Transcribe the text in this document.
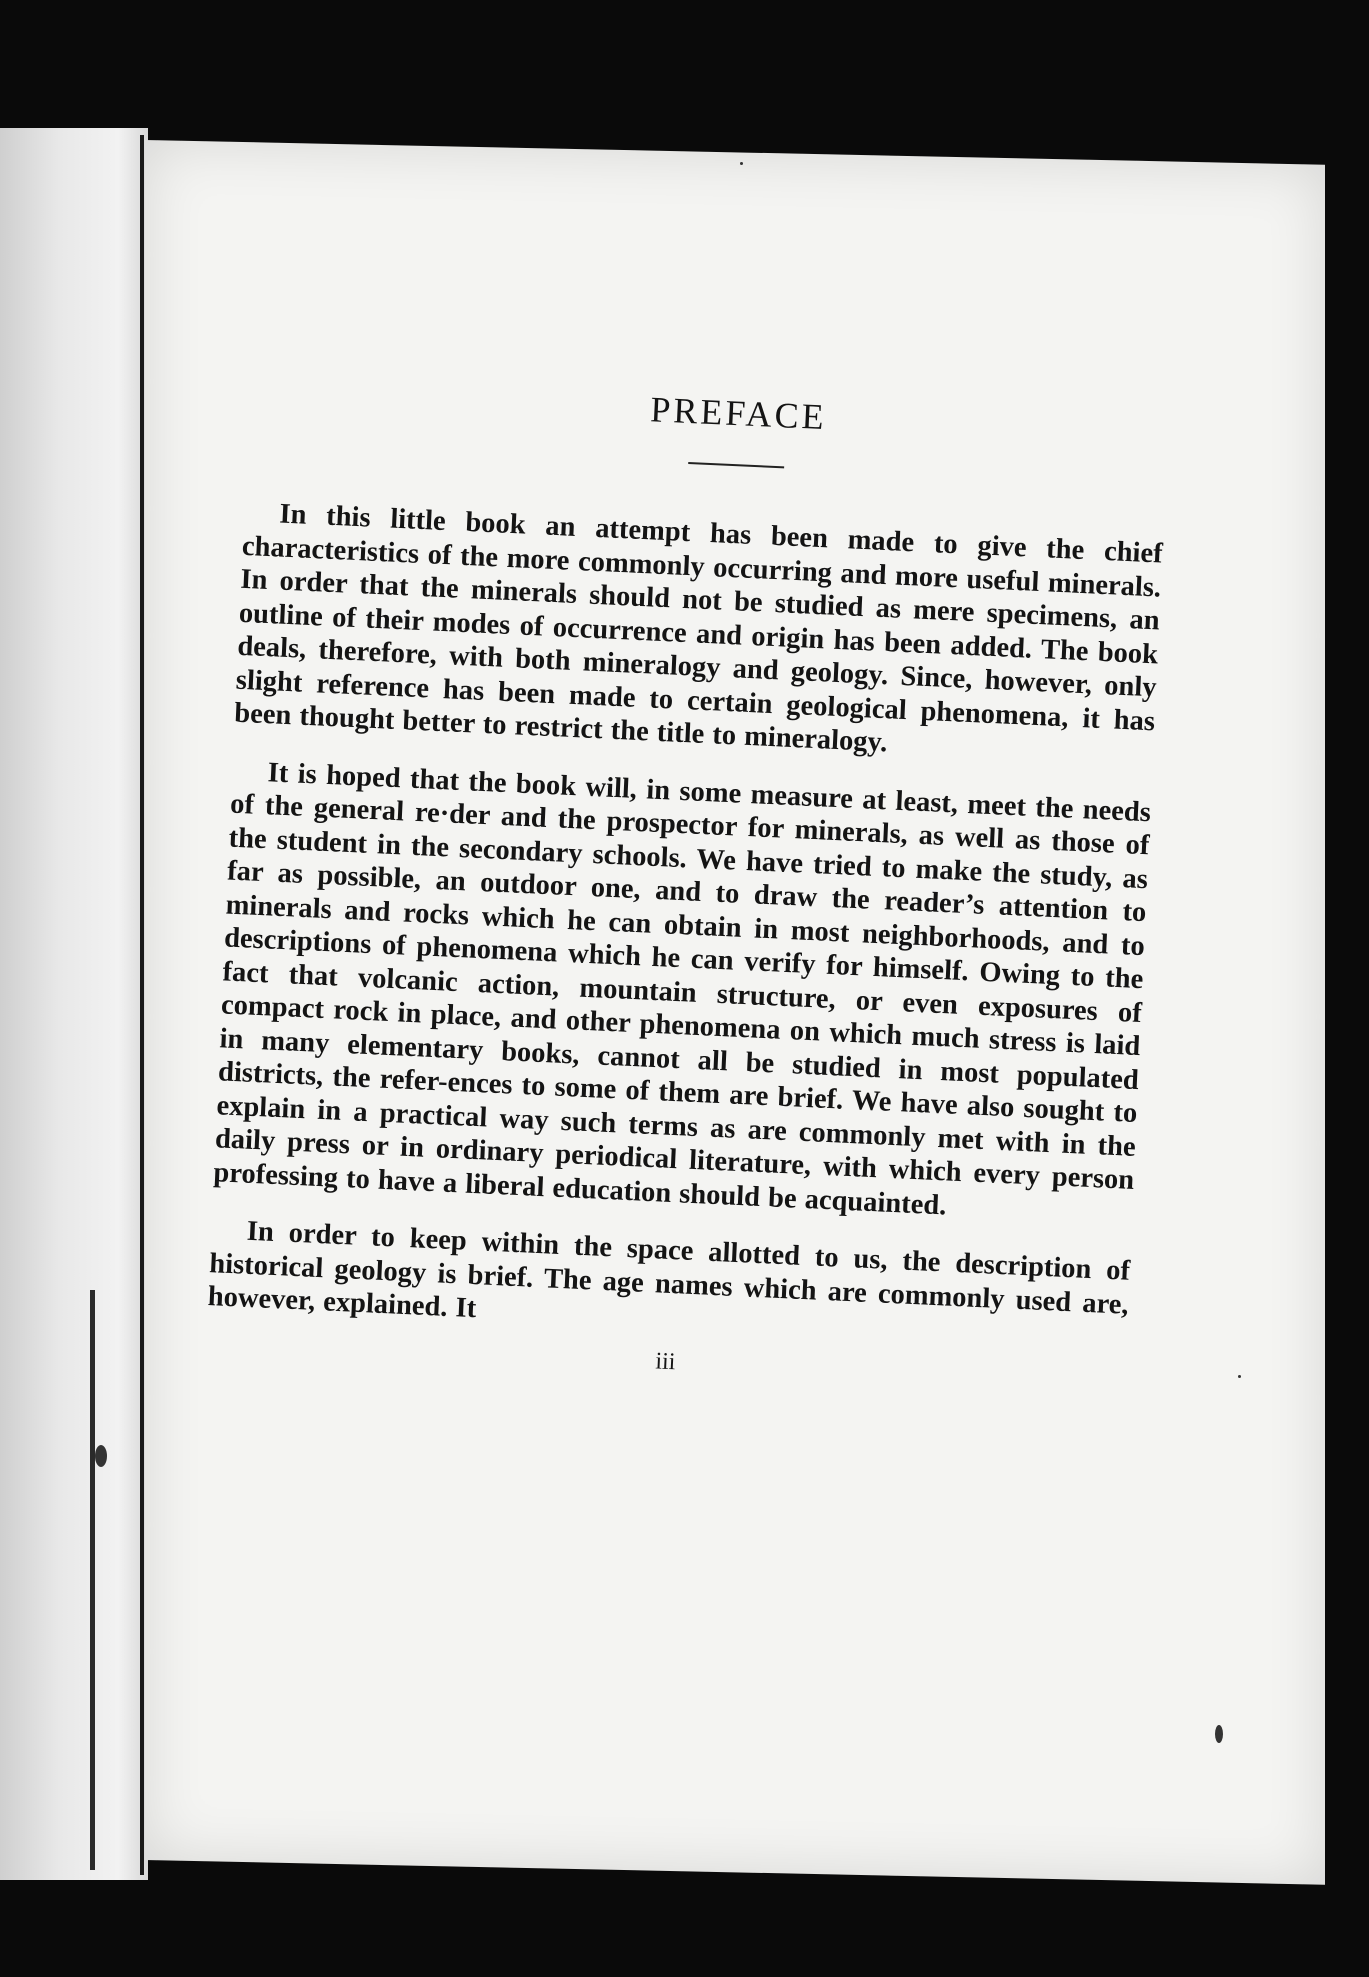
PREFACE

In this little book an attempt has been made to give the chief characteristics of the more commonly occurring and more useful minerals. In order that the minerals should not be studied as mere specimens, an outline of their modes of occurrence and origin has been added. The book deals, therefore, with both mineralogy and geology. Since, however, only slight reference has been made to certain geological phenomena, it has been thought better to restrict the title to mineralogy.

It is hoped that the book will, in some measure at least, meet the needs of the general re·der and the prospector for minerals, as well as those of the student in the secondary schools. We have tried to make the study, as far as possible, an outdoor one, and to draw the reader’s attention to minerals and rocks which he can obtain in most neighborhoods, and to descriptions of phenomena which he can verify for himself. Owing to the fact that volcanic action, mountain structure, or even exposures of compact rock in place, and other phenomena on which much stress is laid in many elementary books, cannot all be studied in most populated districts, the refer-ences to some of them are brief. We have also sought to explain in a practical way such terms as are commonly met with in the daily press or in ordinary periodical literature, with which every person professing to have a liberal education should be acquainted.

In order to keep within the space allotted to us, the description of historical geology is brief. The age names which are commonly used are, however, explained. It

iii
